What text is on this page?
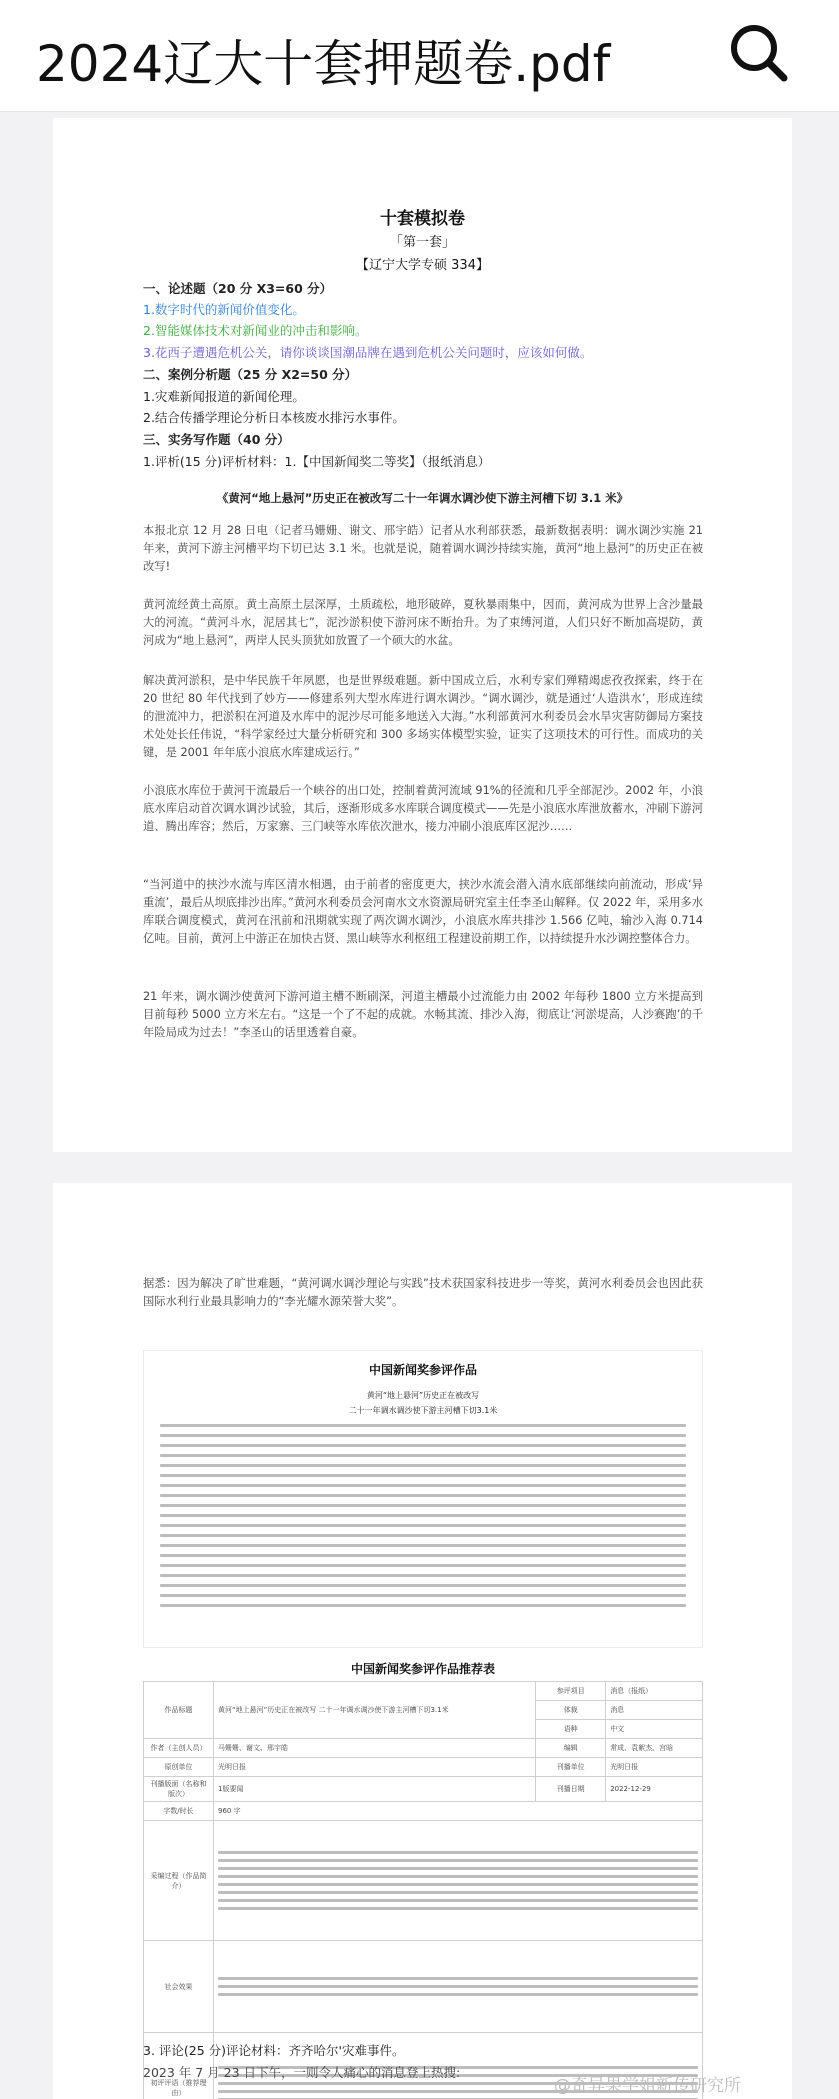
2024辽大十套押题卷.pdf
十套模拟卷
「第一套」
【辽宁大学专硕 334】
一、论述题（20 分 X3=60 分）
1.数字时代的新闻价值变化。
2.智能媒体技术对新闻业的冲击和影响。
3.花西子遭遇危机公关，请你谈谈国潮品牌在遇到危机公关问题时，应该如何做。
二、案例分析题（25 分 X2=50 分）
1.灾难新闻报道的新闻伦理。
2.结合传播学理论分析日本核废水排污水事件。
三、实务写作题（40 分）
1.评析(15 分)评析材料：1.【中国新闻奖二等奖】（报纸消息）
《黄河“地上悬河”历史正在被改写二十一年调水调沙使下游主河槽下切 3.1 米》
本报北京 12 月 28 日电（记者马姗姗、谢文、邢宇皓）记者从水利部获悉，最新数据表明：调水调沙实施 21 年来，黄河下游主河槽平均下切已达 3.1 米。也就是说，随着调水调沙持续实施，黄河“地上悬河”的历史正在被改写!
黄河流经黄土高原。黄土高原土层深厚，土质疏松，地形破碎，夏秋暴雨集中，因而，黄河成为世界上含沙量最大的河流。“黄河斗水，泥居其七”，泥沙淤积使下游河床不断抬升。为了束缚河道，人们只好不断加高堤防，黄河成为“地上悬河”，两岸人民头顶犹如放置了一个硕大的水盆。
解决黄河淤积，是中华民族千年夙愿，也是世界级难题。新中国成立后，水利专家们殚精竭虑孜孜探索，终于在 20 世纪 80 年代找到了妙方——修建系列大型水库进行调水调沙。“调水调沙，就是通过‘人造洪水’，形成连续的泄流冲力，把淤积在河道及水库中的泥沙尽可能多地送入大海。”水利部黄河水利委员会水旱灾害防御局方案技术处处长任伟说，“科学家经过大量分析研究和 300 多场实体模型实验，证实了这项技术的可行性。而成功的关键，是 2001 年年底小浪底水库建成运行。”
小浪底水库位于黄河干流最后一个峡谷的出口处，控制着黄河流域 91%的径流和几乎全部泥沙。2002 年，小浪底水库启动首次调水调沙试验，其后，逐渐形成多水库联合调度模式——先是小浪底水库泄放蓄水，冲刷下游河道、腾出库容；然后，万家寨、三门峡等水库依次泄水，接力冲刷小浪底库区泥沙……
“当河道中的挟沙水流与库区清水相遇，由于前者的密度更大，挟沙水流会潜入清水底部继续向前流动，形成‘异重流’，最后从坝底排沙出库。”黄河水利委员会河南水文水资源局研究室主任李圣山解释。仅 2022 年，采用多水库联合调度模式，黄河在汛前和汛期就实现了两次调水调沙，小浪底水库共排沙 1.566 亿吨，输沙入海 0.714 亿吨。目前，黄河上中游正在加快古贤、黑山峡等水利枢纽工程建设前期工作，以持续提升水沙调控整体合力。
21 年来，调水调沙使黄河下游河道主槽不断刷深，河道主槽最小过流能力由 2002 年每秒 1800 立方米提高到目前每秒 5000 立方米左右。“这是一个了不起的成就。水畅其流、排沙入海，彻底让‘河淤堤高，人沙赛跑’的千年险局成为过去！”李圣山的话里透着自豪。
据悉：因为解决了旷世难题，“黄河调水调沙理论与实践”技术获国家科技进步一等奖，黄河水利委员会也因此获国际水利行业最具影响力的“李光耀水源荣誉大奖”。
中国新闻奖参评作品
黄河“地上悬河”历史正在被改写
二十一年调水调沙使下游主河槽下切3.1米
中国新闻奖参评作品推荐表
作品标题	黄河“地上悬河”历史正在被改写 二十一年调水调沙使下游主河槽下切3.1米	参评项目	消息（报纸）
		体裁	消息
		语种	中文
作者（主创人员）	马姗姗、谢文、邢宇皓	编辑	常成、袁絮杰、宫晗
原创单位	光明日报	刊播单位	光明日报
刊播版面（名称和版次）	1版要闻	刊播日期	2022-12-29
字数/时长	960 字		
采编过程（作品简介）			

社会效果			

初评评语（推荐理由）			
3. 评论(25 分)评论材料：齐齐哈尔'灾难事件。
2023 年 7 月 23 日下午，一则令人痛心的消息登上热搜:
@奇异果学姐新传研究所
